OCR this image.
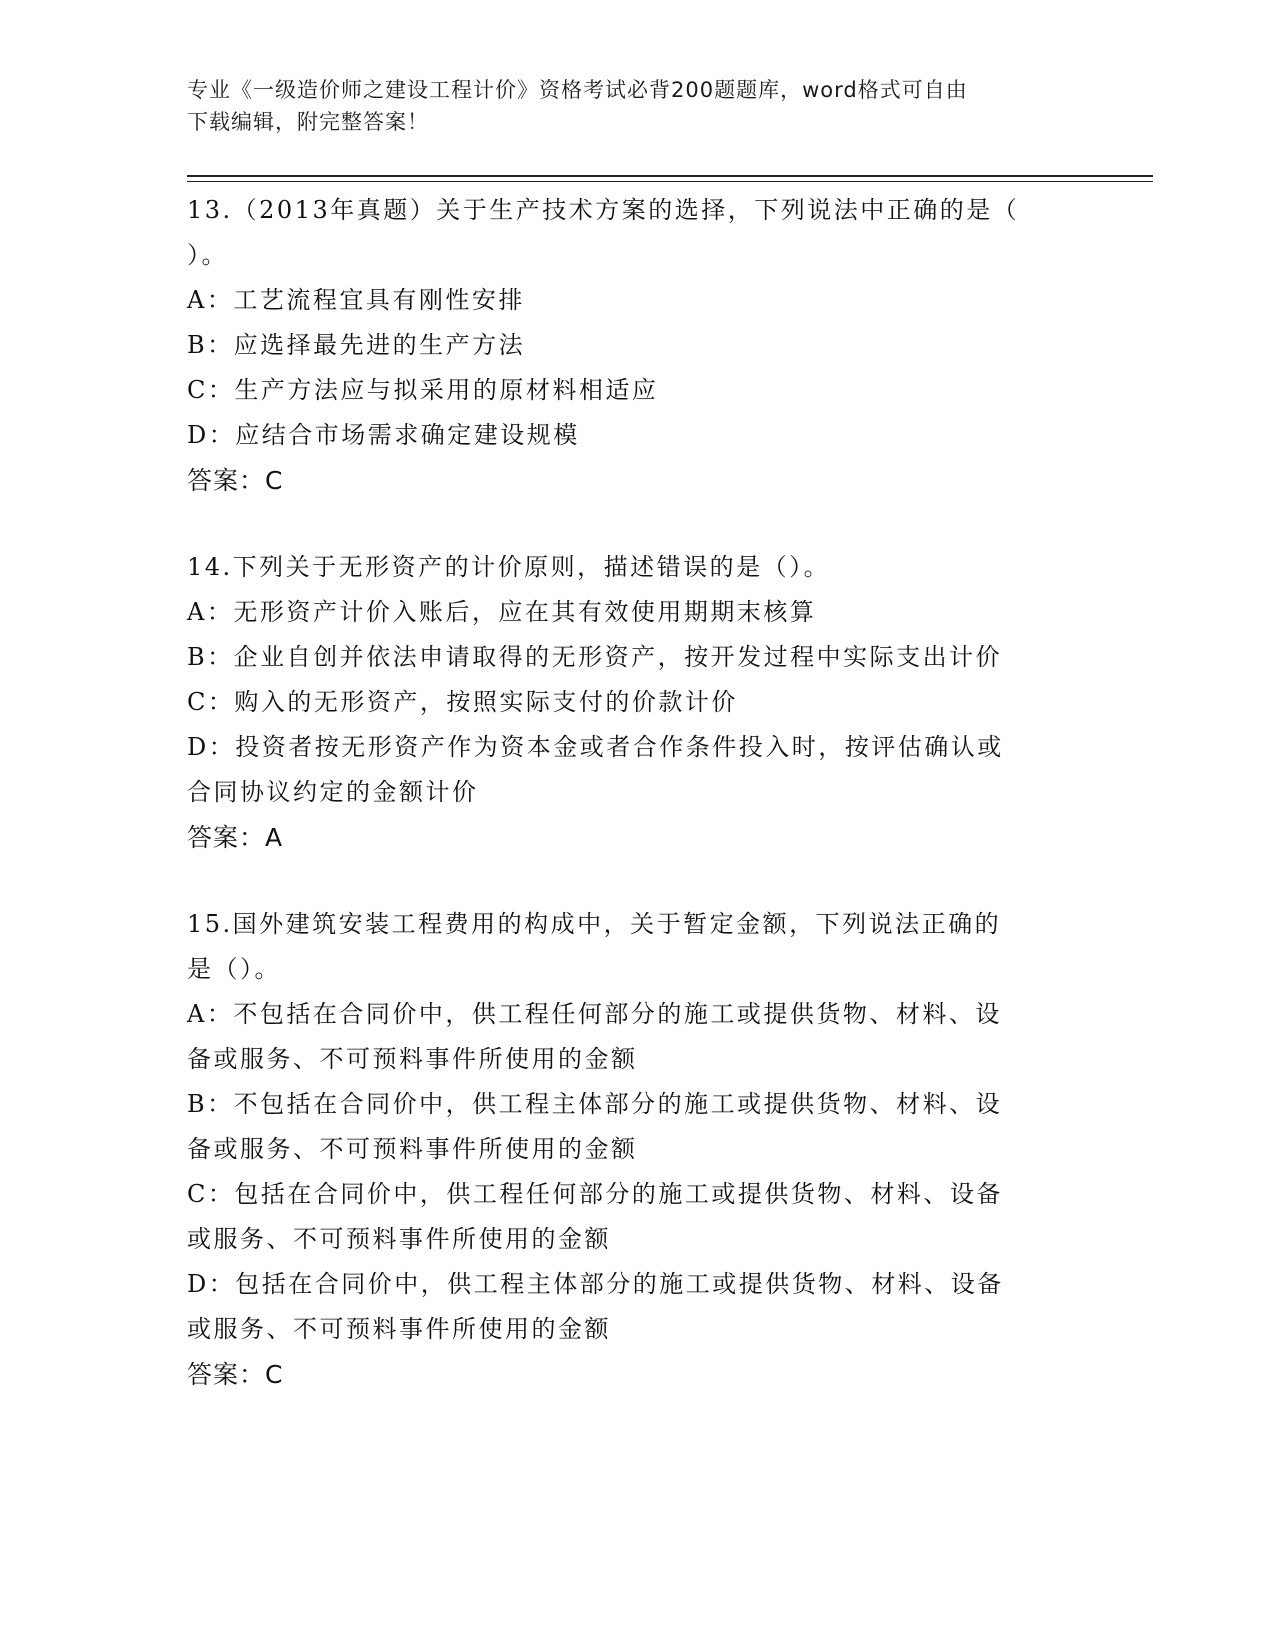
专业《一级造价师之建设工程计价》资格考试必背200题题库，word格式可自由
下载编辑，附完整答案！
13.（2013年真题）关于生产技术方案的选择，下列说法中正确的是（
）。
A：工艺流程宜具有刚性安排
B：应选择最先进的生产方法
C：生产方法应与拟采用的原材料相适应
D：应结合市场需求确定建设规模
答案：C
14.下列关于无形资产的计价原则，描述错误的是（）。
A：无形资产计价入账后，应在其有效使用期期末核算
B：企业自创并依法申请取得的无形资产，按开发过程中实际支出计价
C：购入的无形资产，按照实际支付的价款计价
D：投资者按无形资产作为资本金或者合作条件投入时，按评估确认或
合同协议约定的金额计价
答案：A
15.国外建筑安装工程费用的构成中，关于暂定金额，下列说法正确的
是（）。
A：不包括在合同价中，供工程任何部分的施工或提供货物、材料、设
备或服务、不可预料事件所使用的金额
B：不包括在合同价中，供工程主体部分的施工或提供货物、材料、设
备或服务、不可预料事件所使用的金额
C：包括在合同价中，供工程任何部分的施工或提供货物、材料、设备
或服务、不可预料事件所使用的金额
D：包括在合同价中，供工程主体部分的施工或提供货物、材料、设备
或服务、不可预料事件所使用的金额
答案：C
